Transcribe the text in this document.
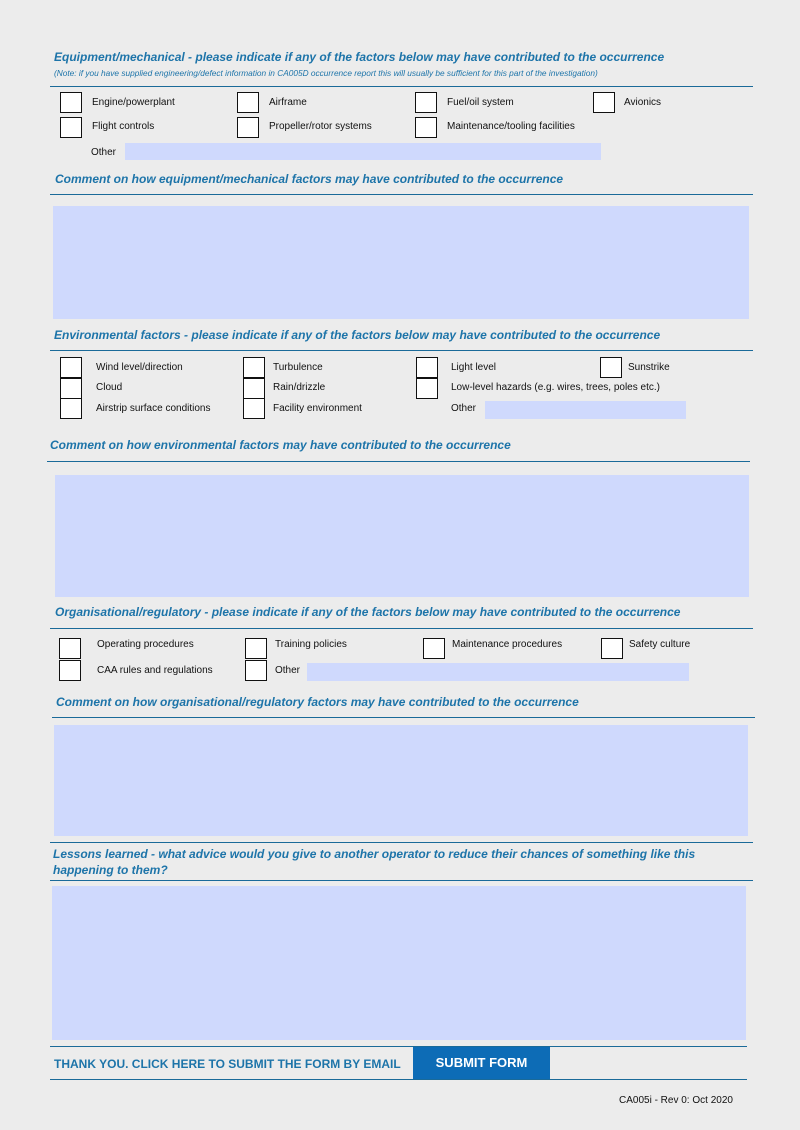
Equipment/mechanical - please indicate if any of the factors below may have contributed to the occurrence
(Note: if you have supplied engineering/defect information in CA005D occurrence report this will usually be sufficient for this part of the investigation)
Engine/powerplant	Airframe	Fuel/oil system	Avionics
Flight controls	Propeller/rotor systems	Maintenance/tooling facilities
Other
Comment on how equipment/mechanical factors may have contributed to the occurrence
Environmental factors - please indicate if any of the factors below may have contributed to the occurrence
Wind level/direction	Turbulence	Light level	Sunstrike
Cloud	Rain/drizzle	Low-level hazards (e.g. wires, trees, poles etc.)
Airstrip surface conditions	Facility environment	Other
Comment on how environmental factors may have contributed to the occurrence
Organisational/regulatory - please indicate if any of the factors below may have contributed to the occurrence
Operating procedures	Training policies	Maintenance procedures	Safety culture
CAA rules and regulations	Other
Comment on how organisational/regulatory factors may have contributed to the occurrence
Lessons learned - what advice would you give to another operator to reduce their chances of something like this
happening to them?
THANK YOU. CLICK HERE TO SUBMIT THE FORM BY EMAIL	SUBMIT FORM
CA005i - Rev 0: Oct 2020
